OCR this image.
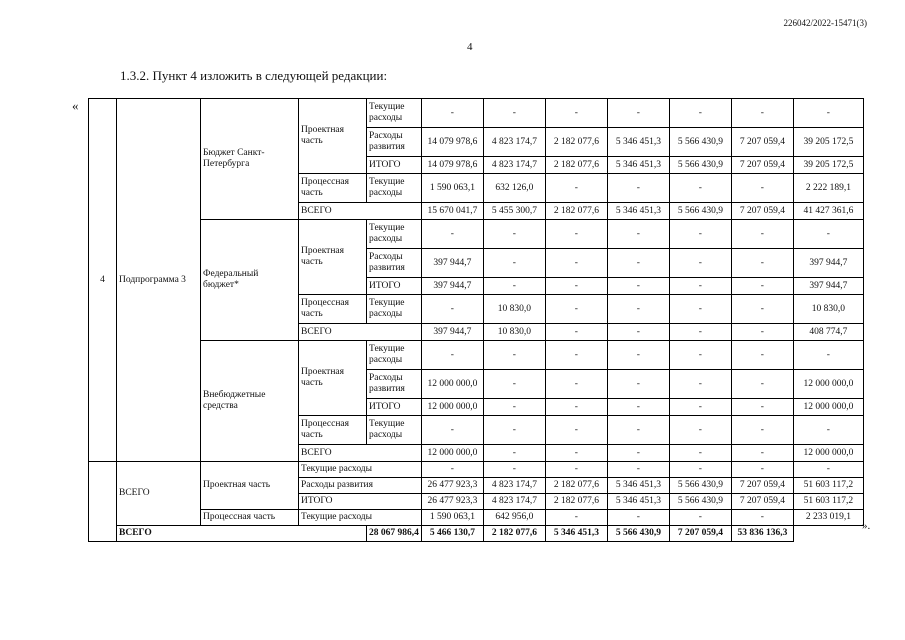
226042/2022-15471(3)
4
1.3.2. Пункт 4 изложить в следующей редакции:
«
».
4	Подпрограмма 3	Бюджет Санкт-Петербурга	Проектная часть	Текущие расходы	-	-	-	-	-	-	-
				Расходы развития	14 079 978,6	4 823 174,7	2 182 077,6	5 346 451,3	5 566 430,9	7 207 059,4	39 205 172,5
				ИТОГО	14 079 978,6	4 823 174,7	2 182 077,6	5 346 451,3	5 566 430,9	7 207 059,4	39 205 172,5
			Процессная часть	Текущие расходы	1 590 063,1	632 126,0	-	-	-	-	2 222 189,1
			ВСЕГО		15 670 041,7	5 455 300,7	2 182 077,6	5 346 451,3	5 566 430,9	7 207 059,4	41 427 361,6
		Федеральный бюджет*	Проектная часть	Текущие расходы	-	-	-	-	-	-	-
				Расходы развития	397 944,7	-	-	-	-	-	397 944,7
				ИТОГО	397 944,7	-	-	-	-	-	397 944,7
			Процессная часть	Текущие расходы	-	10 830,0	-	-	-	-	10 830,0
			ВСЕГО		397 944,7	10 830,0	-	-	-	-	408 774,7
		Внебюджетные средства	Проектная часть	Текущие расходы	-	-	-	-	-	-	-
				Расходы развития	12 000 000,0	-	-	-	-	-	12 000 000,0
				ИТОГО	12 000 000,0	-	-	-	-	-	12 000 000,0
			Процессная часть	Текущие расходы	-	-	-	-	-	-	-
			ВСЕГО		12 000 000,0	-	-	-	-	-	12 000 000,0
	ВСЕГО	Проектная часть	Текущие расходы		-	-	-	-	-	-	-
			Расходы развития		26 477 923,3	4 823 174,7	2 182 077,6	5 346 451,3	5 566 430,9	7 207 059,4	51 603 117,2
			ИТОГО		26 477 923,3	4 823 174,7	2 182 077,6	5 346 451,3	5 566 430,9	7 207 059,4	51 603 117,2
		Процессная часть	Текущие расходы		1 590 063,1	642 956,0	-	-	-	-	2 233 019,1
	ВСЕГО			28 067 986,4	5 466 130,7	2 182 077,6	5 346 451,3	5 566 430,9	7 207 059,4	53 836 136,3	
